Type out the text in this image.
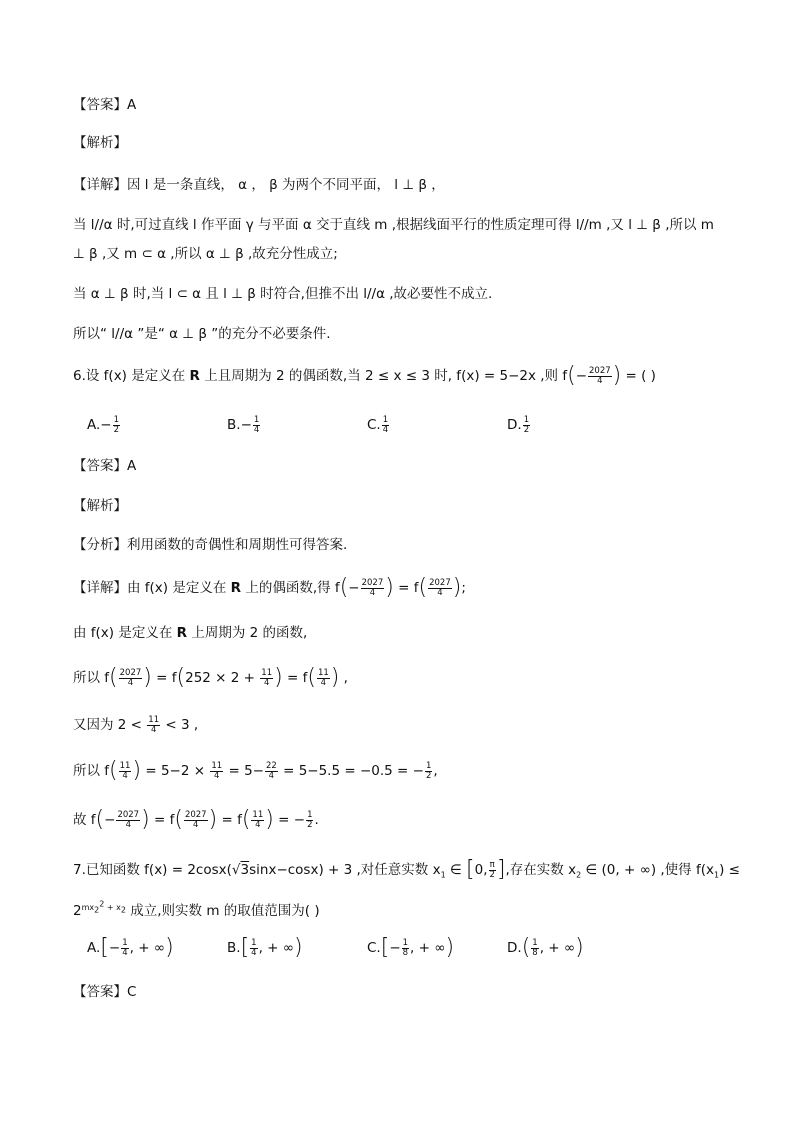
【答案】A
【解析】
【详解】因 l 是一条直线， α ， β 为两个不同平面， l ⊥ β ，
当 l//α 时,可过直线 l 作平面 γ 与平面 α 交于直线 m ,根据线面平行的性质定理可得 l//m ,又 l ⊥ β ,所以 m
⊥ β ,又 m ⊂ α ,所以 α ⊥ β ,故充分性成立;
当 α ⊥ β 时,当 l ⊂ α 且 l ⊥ β 时符合,但推不出 l//α ,故必要性不成立.
所以“ l//α ”是“ α ⊥ β ”的充分不必要条件.
6.设 f(x) 是定义在 R 上且周期为 2 的偶函数,当 2 ≤ x ≤ 3 时, f(x) = 5−2x ,则 $f(- \frac{2027}{4}$ ) = ( )
$A.- \frac{1}{2}$	$B.- \frac{1}{4}$	C. $\frac{1}{4}$	D. $\frac{1}{2}$
【答案】A
【解析】
【分析】利用函数的奇偶性和周期性可得答案.
【详解】由 f(x) 是定义在 R 上的偶函数,得 $f(- \frac{2027}{4}$ ) = $f( \frac{2027}{4}$ );
由 f(x) 是定义在 R 上周期为 2 的函数,
所以 $f( \frac{2027}{4}$ ) = $f(252 \times 2 + \frac{11}{4}$ ) = $f( \frac{11}{4}$ ) ,
又因为 $2 < \frac{11}{4} < 3$ ,
所以 $f( \frac{11}{4}$ ) = $5-2 \times \frac{11}{4} = 5- \frac{22}{4} = 5-5.5 = -0.5$ = − $\frac{1}{2}$ ,
故 $f(- \frac{2027}{4}$ ) = $f( \frac{2027}{4}$ ) = $f( \frac{11}{4}$ ) = − $\frac{1}{2}$ .
7.已知函数 f(x) = 2cosx(√3sinx−cosx) + 3 ,对任意实数 $x_1$ ∈ [0, $\frac{\pi}{2}$ ],存在实数 $x_2$ ∈ (0, + ∞) ,使得 $f(x_1)$ ≤
$2^{mx_2^2 + x_2}$ 成立,则实数 m 的取值范围为( )
$A.[- \frac{1}{4}$ , + ∞)	$B.[ \frac{1}{4}$ , + ∞)	$C.[- \frac{1}{8}$ , + ∞)	$D.( \frac{1}{8}$ , + ∞)
【答案】C
